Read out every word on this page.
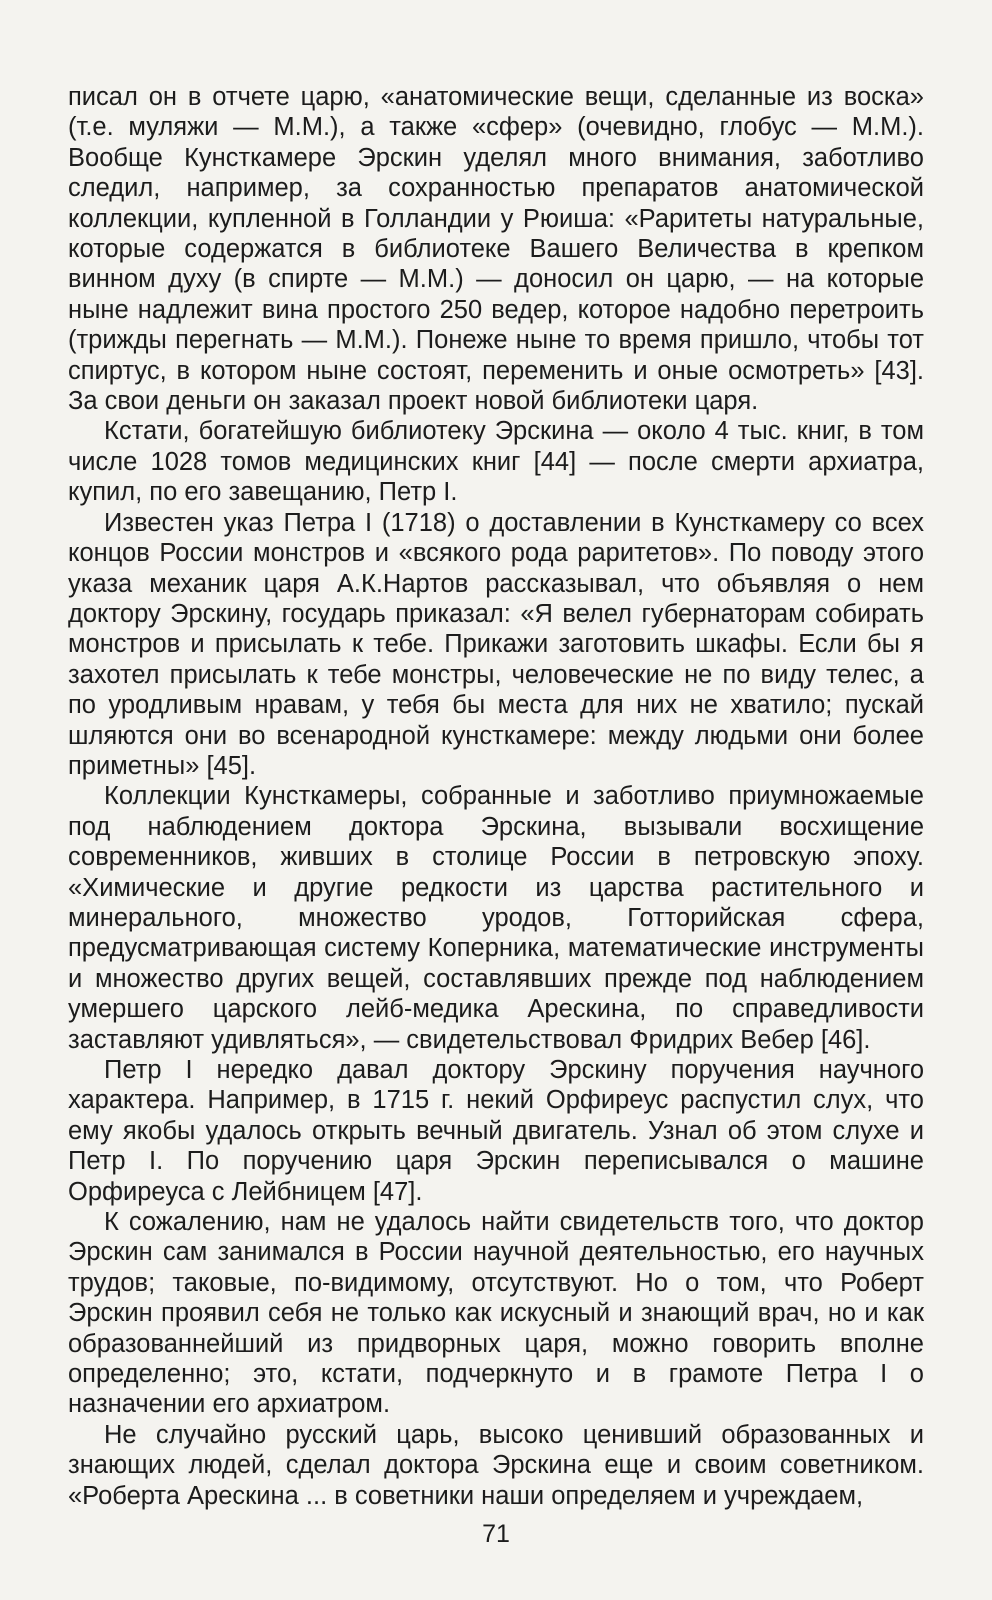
писал он в отчете царю, «анатомические вещи, сделанные из воска» (т.е. муляжи — М.М.), а также «сфер» (очевидно, глобус — М.М.). Вообще Кунсткамере Эрскин уделял много внимания, заботливо следил, например, за сохранностью препаратов анатомической коллекции, купленной в Голландии у Рюиша: «Раритеты натуральные, которые содержатся в библиотеке Вашего Величества в крепком винном духу (в спирте — М.М.) — доносил он царю, — на которые ныне надлежит вина простого 250 ведер, которое надобно перетроить (трижды перегнать — М.М.). Понеже ныне то время пришло, чтобы тот спиртус, в котором ныне состоят, переменить и оные осмотреть» [43]. За свои деньги он заказал проект новой библиотеки царя.

Кстати, богатейшую библиотеку Эрскина — около 4 тыс. книг, в том числе 1028 томов медицинских книг [44] — после смерти архиатра, купил, по его завещанию, Петр I.

Известен указ Петра I (1718) о доставлении в Кунсткамеру со всех концов России монстров и «всякого рода раритетов». По поводу этого указа механик царя А.К.Нартов рассказывал, что объявляя о нем доктору Эрскину, государь приказал: «Я велел губернаторам собирать монстров и присылать к тебе. Прикажи заготовить шкафы. Если бы я захотел присылать к тебе монстры, человеческие не по виду телес, а по уродливым нравам, у тебя бы места для них не хватило; пускай шляются они во всенародной кунсткамере: между людьми они более приметны» [45].

Коллекции Кунсткамеры, собранные и заботливо приумножаемые под наблюдением доктора Эрскина, вызывали восхищение современников, живших в столице России в петровскую эпоху. «Химические и другие редкости из царства растительного и минерального, множество уродов, Готторийская сфера, предусматривающая систему Коперника, математические инструменты и множество других вещей, составлявших прежде под наблюдением умершего царского лейб-медика Арескина, по справедливости заставляют удивляться», — свидетельствовал Фридрих Вебер [46].

Петр I нередко давал доктору Эрскину поручения научного характера. Например, в 1715 г. некий Орфиреус распустил слух, что ему якобы удалось открыть вечный двигатель. Узнал об этом слухе и Петр I. По поручению царя Эрскин переписывался о машине Орфиреуса с Лейбницем [47].

К сожалению, нам не удалось найти свидетельств того, что доктор Эрскин сам занимался в России научной деятельностью, его научных трудов; таковые, по-видимому, отсутствуют. Но о том, что Роберт Эрскин проявил себя не только как искусный и знающий врач, но и как образованнейший из придворных царя, можно говорить вполне определенно; это, кстати, подчеркнуто и в грамоте Петра I о назначении его архиатром.

Не случайно русский царь, высоко ценивший образованных и знающих людей, сделал доктора Эрскина еще и своим советником. «Роберта Арескина ... в советники наши определяем и учреждаем,

71
